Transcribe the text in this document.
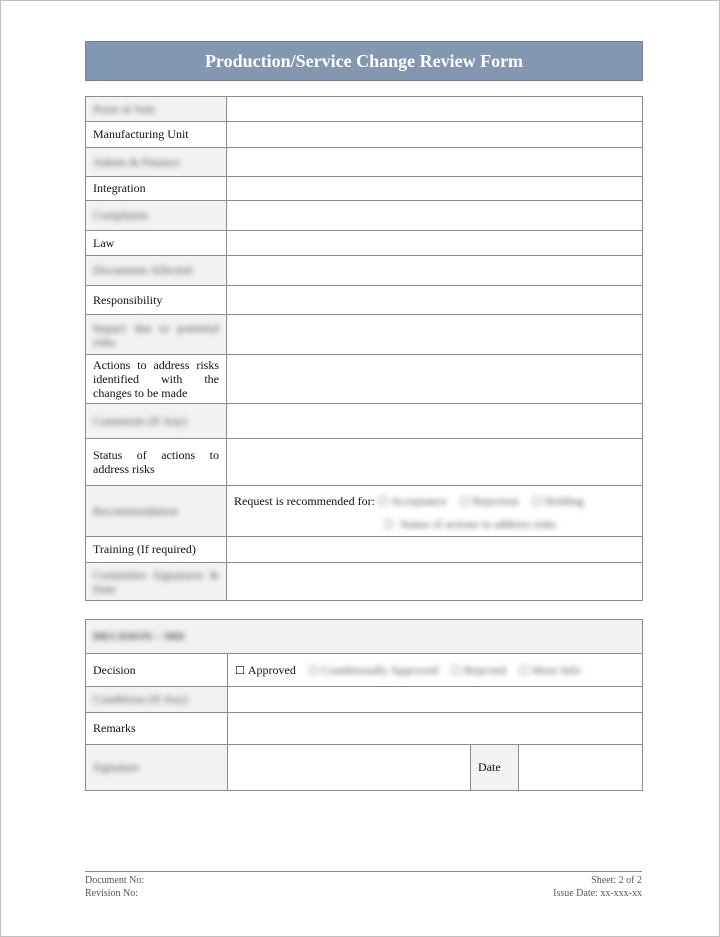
Production/Service Change Review Form
Point of Sale	
Manufacturing Unit	
Admin & Finance	
Integration	
Complaints	
Law	
Documents Affected	
Responsibility	
Impact due to potential risks	
Actions to address risks identified with the changes to be made	
Comments (If Any)	
Status of actions to address risks	
Recommendation	Request is recommended for: ☐ Acceptance ☐ Rejection ☐ Holding
☐ Status of actions to address risks

Training (If required)	
Committee Signatures & Date	
DECISION – MD			
Decision	☐ Approved ☐ Conditionally Approved ☐ Rejected ☐ More Info		
Conditions (If Any)			
Remarks			
Signature		Date	
Document No:	Sheet: 2 of 2
Revision No:	Issue Date: xx-xxx-xx
